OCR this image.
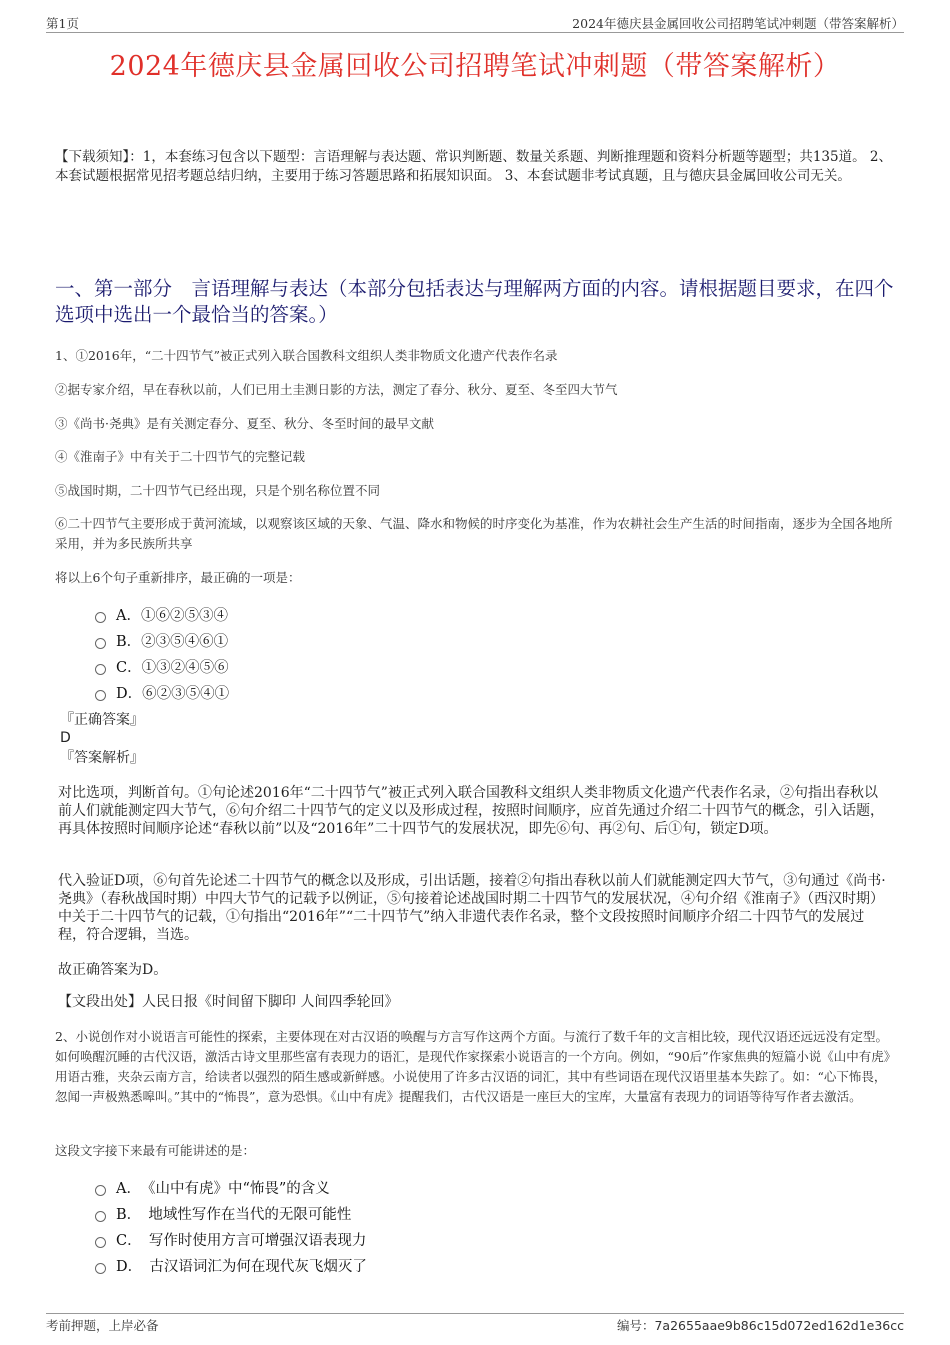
第1页	2024年德庆县金属回收公司招聘笔试冲刺题（带答案解析）
2024年德庆县金属回收公司招聘笔试冲刺题（带答案解析）
【下载须知】：1，本套练习包含以下题型：言语理解与表达题、常识判断题、数量关系题、判断推理题和资料分析题等题型；共135道。 2、本套试题根据常见招考题总结归纳，主要用于练习答题思路和拓展知识面。 3、本套试题非考试真题，且与德庆县金属回收公司无关。
一、第一部分　言语理解与表达（本部分包括表达与理解两方面的内容。请根据题目要求，在四个选项中选出一个最恰当的答案。）
1、①2016年，“二十四节气”被正式列入联合国教科文组织人类非物质文化遗产代表作名录
②据专家介绍，早在春秋以前，人们已用土圭测日影的方法，测定了春分、秋分、夏至、冬至四大节气
③《尚书·尧典》是有关测定春分、夏至、秋分、冬至时间的最早文献
④《淮南子》中有关于二十四节气的完整记载
⑤战国时期，二十四节气已经出现，只是个别名称位置不同
⑥二十四节气主要形成于黄河流域，以观察该区域的天象、气温、降水和物候的时序变化为基准，作为农耕社会生产生活的时间指南，逐步为全国各地所采用，并为多民族所共享
将以上6个句子重新排序，最正确的一项是：
A．①⑥②⑤③④
B．②③⑤④⑥①
C．①③②④⑤⑥
D．⑥②③⑤④①
『正确答案』
D
『答案解析』
对比选项，判断首句。①句论述2016年“二十四节气”被正式列入联合国教科文组织人类非物质文化遗产代表作名录，②句指出春秋以前人们就能测定四大节气，⑥句介绍二十四节气的定义以及形成过程，按照时间顺序，应首先通过介绍二十四节气的概念，引入话题，再具体按照时间顺序论述“春秋以前”以及“2016年”二十四节气的发展状况，即先⑥句、再②句、后①句，锁定D项。
代入验证D项，⑥句首先论述二十四节气的概念以及形成，引出话题，接着②句指出春秋以前人们就能测定四大节气，③句通过《尚书·尧典》（春秋战国时期）中四大节气的记载予以例证，⑤句接着论述战国时期二十四节气的发展状况，④句介绍《淮南子》（西汉时期）中关于二十四节气的记载，①句指出“2016年”“二十四节气”纳入非遗代表作名录，整个文段按照时间顺序介绍二十四节气的发展过程，符合逻辑，当选。
故正确答案为D。
【文段出处】人民日报《时间留下脚印 人间四季轮回》
2、小说创作对小说语言可能性的探索，主要体现在对古汉语的唤醒与方言写作这两个方面。与流行了数千年的文言相比较，现代汉语还远远没有定型。如何唤醒沉睡的古代汉语，激活古诗文里那些富有表现力的语汇，是现代作家探索小说语言的一个方向。例如，“90后”作家焦典的短篇小说《山中有虎》用语古雅，夹杂云南方言，给读者以强烈的陌生感或新鲜感。小说使用了许多古汉语的词汇，其中有些词语在现代汉语里基本失踪了。如：“心下怖畏，忽闻一声极熟悉嗥叫。”其中的“怖畏”，意为恐惧。《山中有虎》提醒我们，古代汉语是一座巨大的宝库，大量富有表现力的词语等待写作者去激活。
这段文字接下来最有可能讲述的是：
A．　《山中有虎》中“怖畏”的含义
B．　地域性写作在当代的无限可能性
C．　写作时使用方言可增强汉语表现力
D．　古汉语词汇为何在现代灰飞烟灭了
考前押题，上岸必备	编号：7a2655aae9b86c15d072ed162d1e36cc
